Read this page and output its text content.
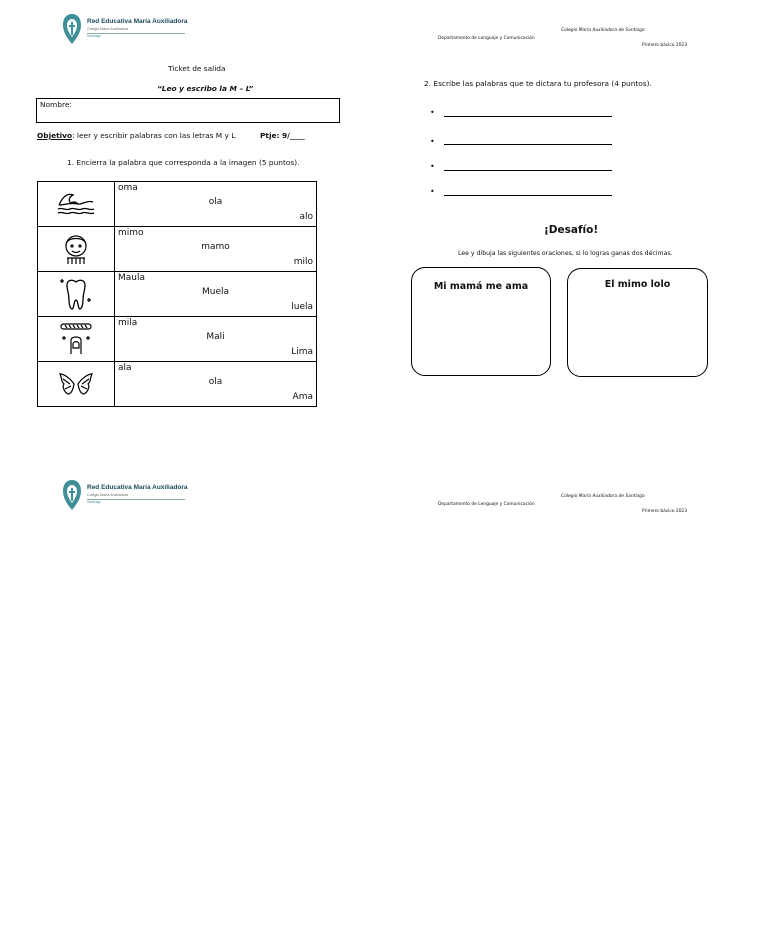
Red Educativa María Auxiliadora
Colegio María Auxiliadora
Santiago
Colegio María Auxiliadora de Santiago
Departamento de Lenguaje y Comunicación
Primero básico 2023
Ticket de salida
“Leo y escribo la M – L”
Nombre:
Objetivo: leer y escribir palabras con las letras M y L	Ptje: 9/____
1. Encierra la palabra que corresponda a la imagen (5 puntos).

oma
ola
alo

mimo
mamo
milo

Maula
Muela
luela

mila
Mali
Lima

ala
ola
Ama
2. Escribe las palabras que te dictara tu profesora (4 puntos).
•
•
•
•
¡Desafío!
Lee y dibuja las siguientes oraciones, si lo logras ganas dos décimas.
Mi mamá me ama	El mimo lolo
Red Educativa María Auxiliadora
Colegio María Auxiliadora
Santiago
Colegio María Auxiliadora de Santiago
Departamento de Lenguaje y Comunicación
Primero básico 2023
